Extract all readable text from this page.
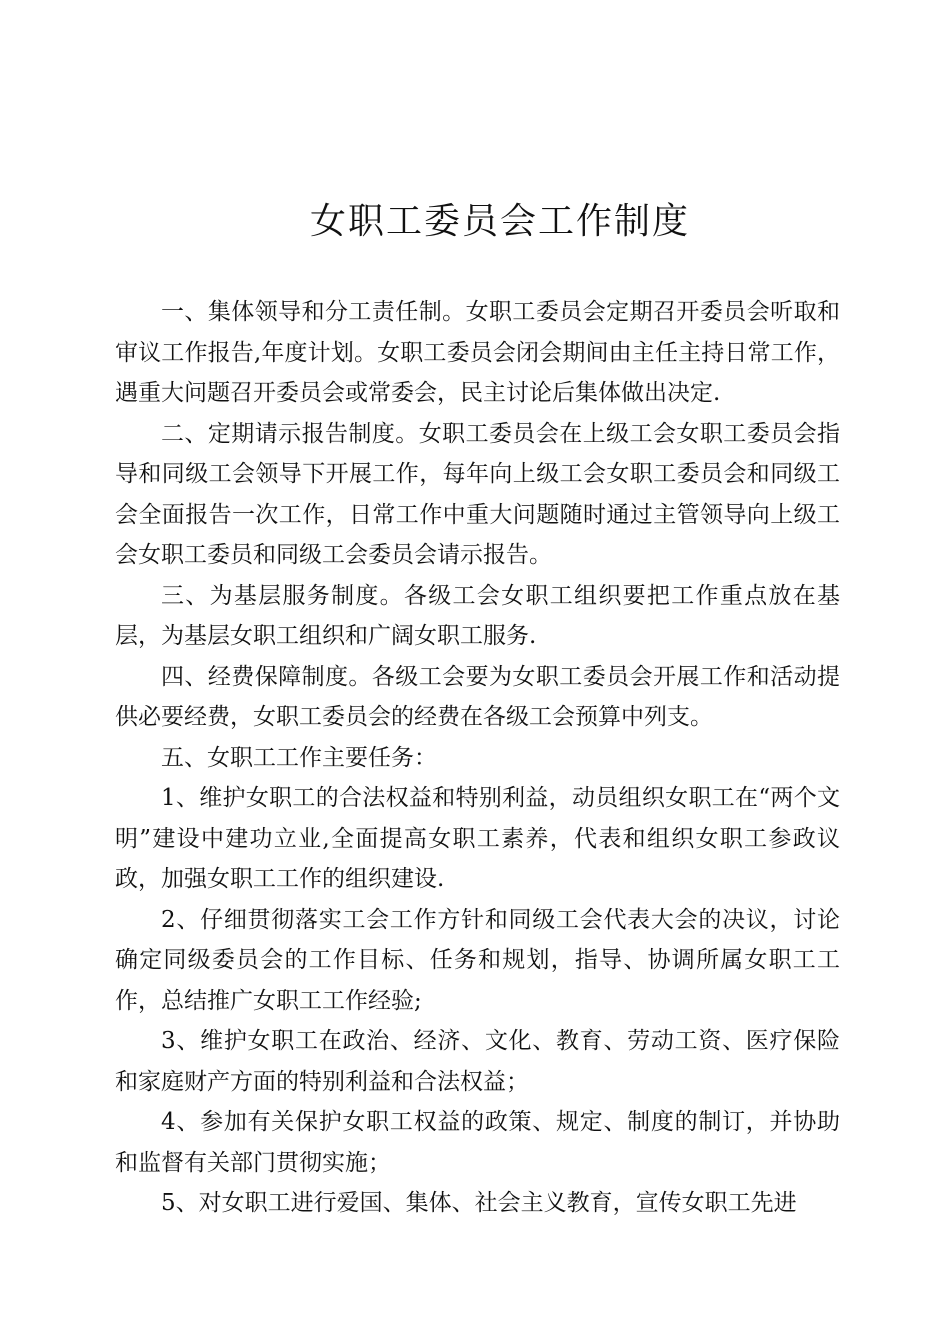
女职工委员会工作制度

一、集体领导和分工责任制。女职工委员会定期召开委员会听取和审议工作报告,年度计划。女职工委员会闭会期间由主任主持日常工作，遇重大问题召开委员会或常委会，民主讨论后集体做出决定.

二、定期请示报告制度。女职工委员会在上级工会女职工委员会指导和同级工会领导下开展工作，每年向上级工会女职工委员会和同级工会全面报告一次工作，日常工作中重大问题随时通过主管领导向上级工会女职工委员和同级工会委员会请示报告。

三、为基层服务制度。各级工会女职工组织要把工作重点放在基层，为基层女职工组织和广阔女职工服务.

四、经费保障制度。各级工会要为女职工委员会开展工作和活动提供必要经费，女职工委员会的经费在各级工会预算中列支。

五、女职工工作主要任务：

1、维护女职工的合法权益和特别利益，动员组织女职工在“两个文明”建设中建功立业,全面提高女职工素养，代表和组织女职工参政议政，加强女职工工作的组织建设.

2、仔细贯彻落实工会工作方针和同级工会代表大会的决议，讨论确定同级委员会的工作目标、任务和规划，指导、协调所属女职工工作，总结推广女职工工作经验;

3、维护女职工在政治、经济、文化、教育、劳动工资、医疗保险和家庭财产方面的特别利益和合法权益；

4、参加有关保护女职工权益的政策、规定、制度的制订，并协助和监督有关部门贯彻实施；

5、对女职工进行爱国、集体、社会主义教育，宣传女职工先进
